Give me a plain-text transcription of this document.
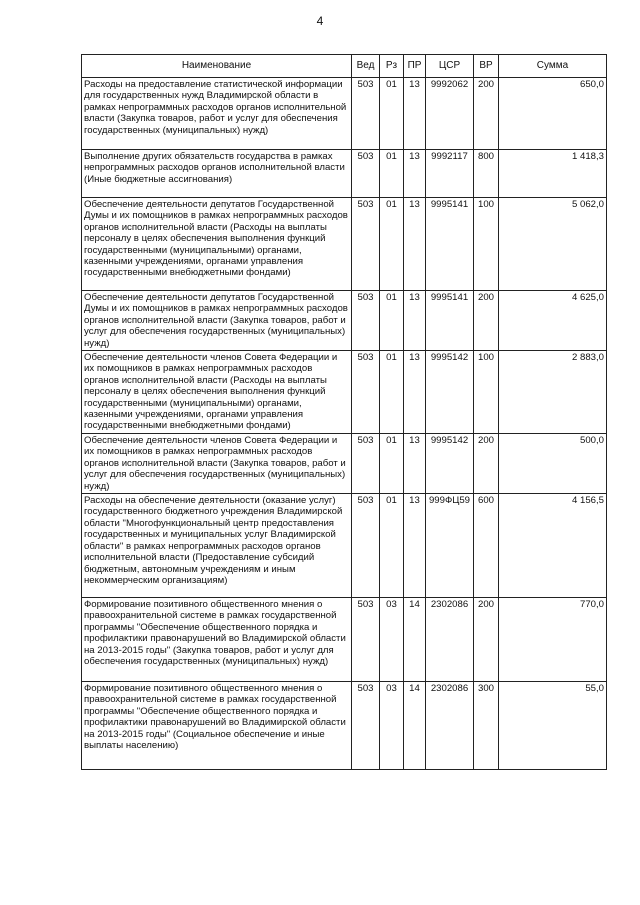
4
Наименование	Вед	Рз	ПР	ЦСР	ВР	Сумма
Расходы на предоставление статистической информации для государственных нужд Владимирской области в рамках непрограммных расходов органов исполнительной власти (Закупка товаров, работ и услуг для обеспечения государственных (муниципальных) нужд)	503	01	13	9992062	200	650,0
Выполнение других обязательств государства в рамках непрограммных расходов органов исполнительной власти (Иные бюджетные ассигнования)	503	01	13	9992117	800	1 418,3
Обеспечение деятельности депутатов Государственной Думы и их помощников в рамках непрограммных расходов органов исполнительной власти (Расходы на выплаты персоналу в целях обеспечения выполнения функций государственными (муниципальными) органами, казенными учреждениями, органами управления государственными внебюджетными фондами)	503	01	13	9995141	100	5 062,0
Обеспечение деятельности депутатов Государственной Думы и их помощников в рамках непрограммных расходов органов исполнительной власти (Закупка товаров, работ и услуг для обеспечения государственных (муниципальных) нужд)	503	01	13	9995141	200	4 625,0
Обеспечение деятельности членов Совета Федерации и их помощников в рамках непрограммных расходов органов исполнительной власти (Расходы на выплаты персоналу в целях обеспечения выполнения функций государственными (муниципальными) органами, казенными учреждениями, органами управления государственными внебюджетными фондами)	503	01	13	9995142	100	2 883,0
Обеспечение деятельности членов Совета Федерации и их помощников в рамках непрограммных расходов органов исполнительной власти (Закупка товаров, работ и услуг для обеспечения государственных (муниципальных) нужд)	503	01	13	9995142	200	500,0
Расходы на обеспечение деятельности (оказание услуг) государственного бюджетного учреждения Владимирской области "Многофункциональный центр предоставления государственных и муниципальных услуг Владимирской области" в рамках непрограммных расходов органов исполнительной власти (Предоставление субсидий бюджетным, автономным учреждениям и иным некоммерческим организациям)	503	01	13	999ФЦ59	600	4 156,5
Формирование позитивного общественного мнения о правоохранительной системе в рамках государственной программы "Обеспечение общественного порядка и профилактики правонарушений во Владимирской области на 2013-2015 годы" (Закупка товаров, работ и услуг для обеспечения государственных (муниципальных) нужд)	503	03	14	2302086	200	770,0
Формирование позитивного общественного мнения о правоохранительной системе в рамках государственной программы "Обеспечение общественного порядка и профилактики правонарушений во Владимирской области на 2013-2015 годы" (Социальное обеспечение и иные выплаты населению)	503	03	14	2302086	300	55,0
